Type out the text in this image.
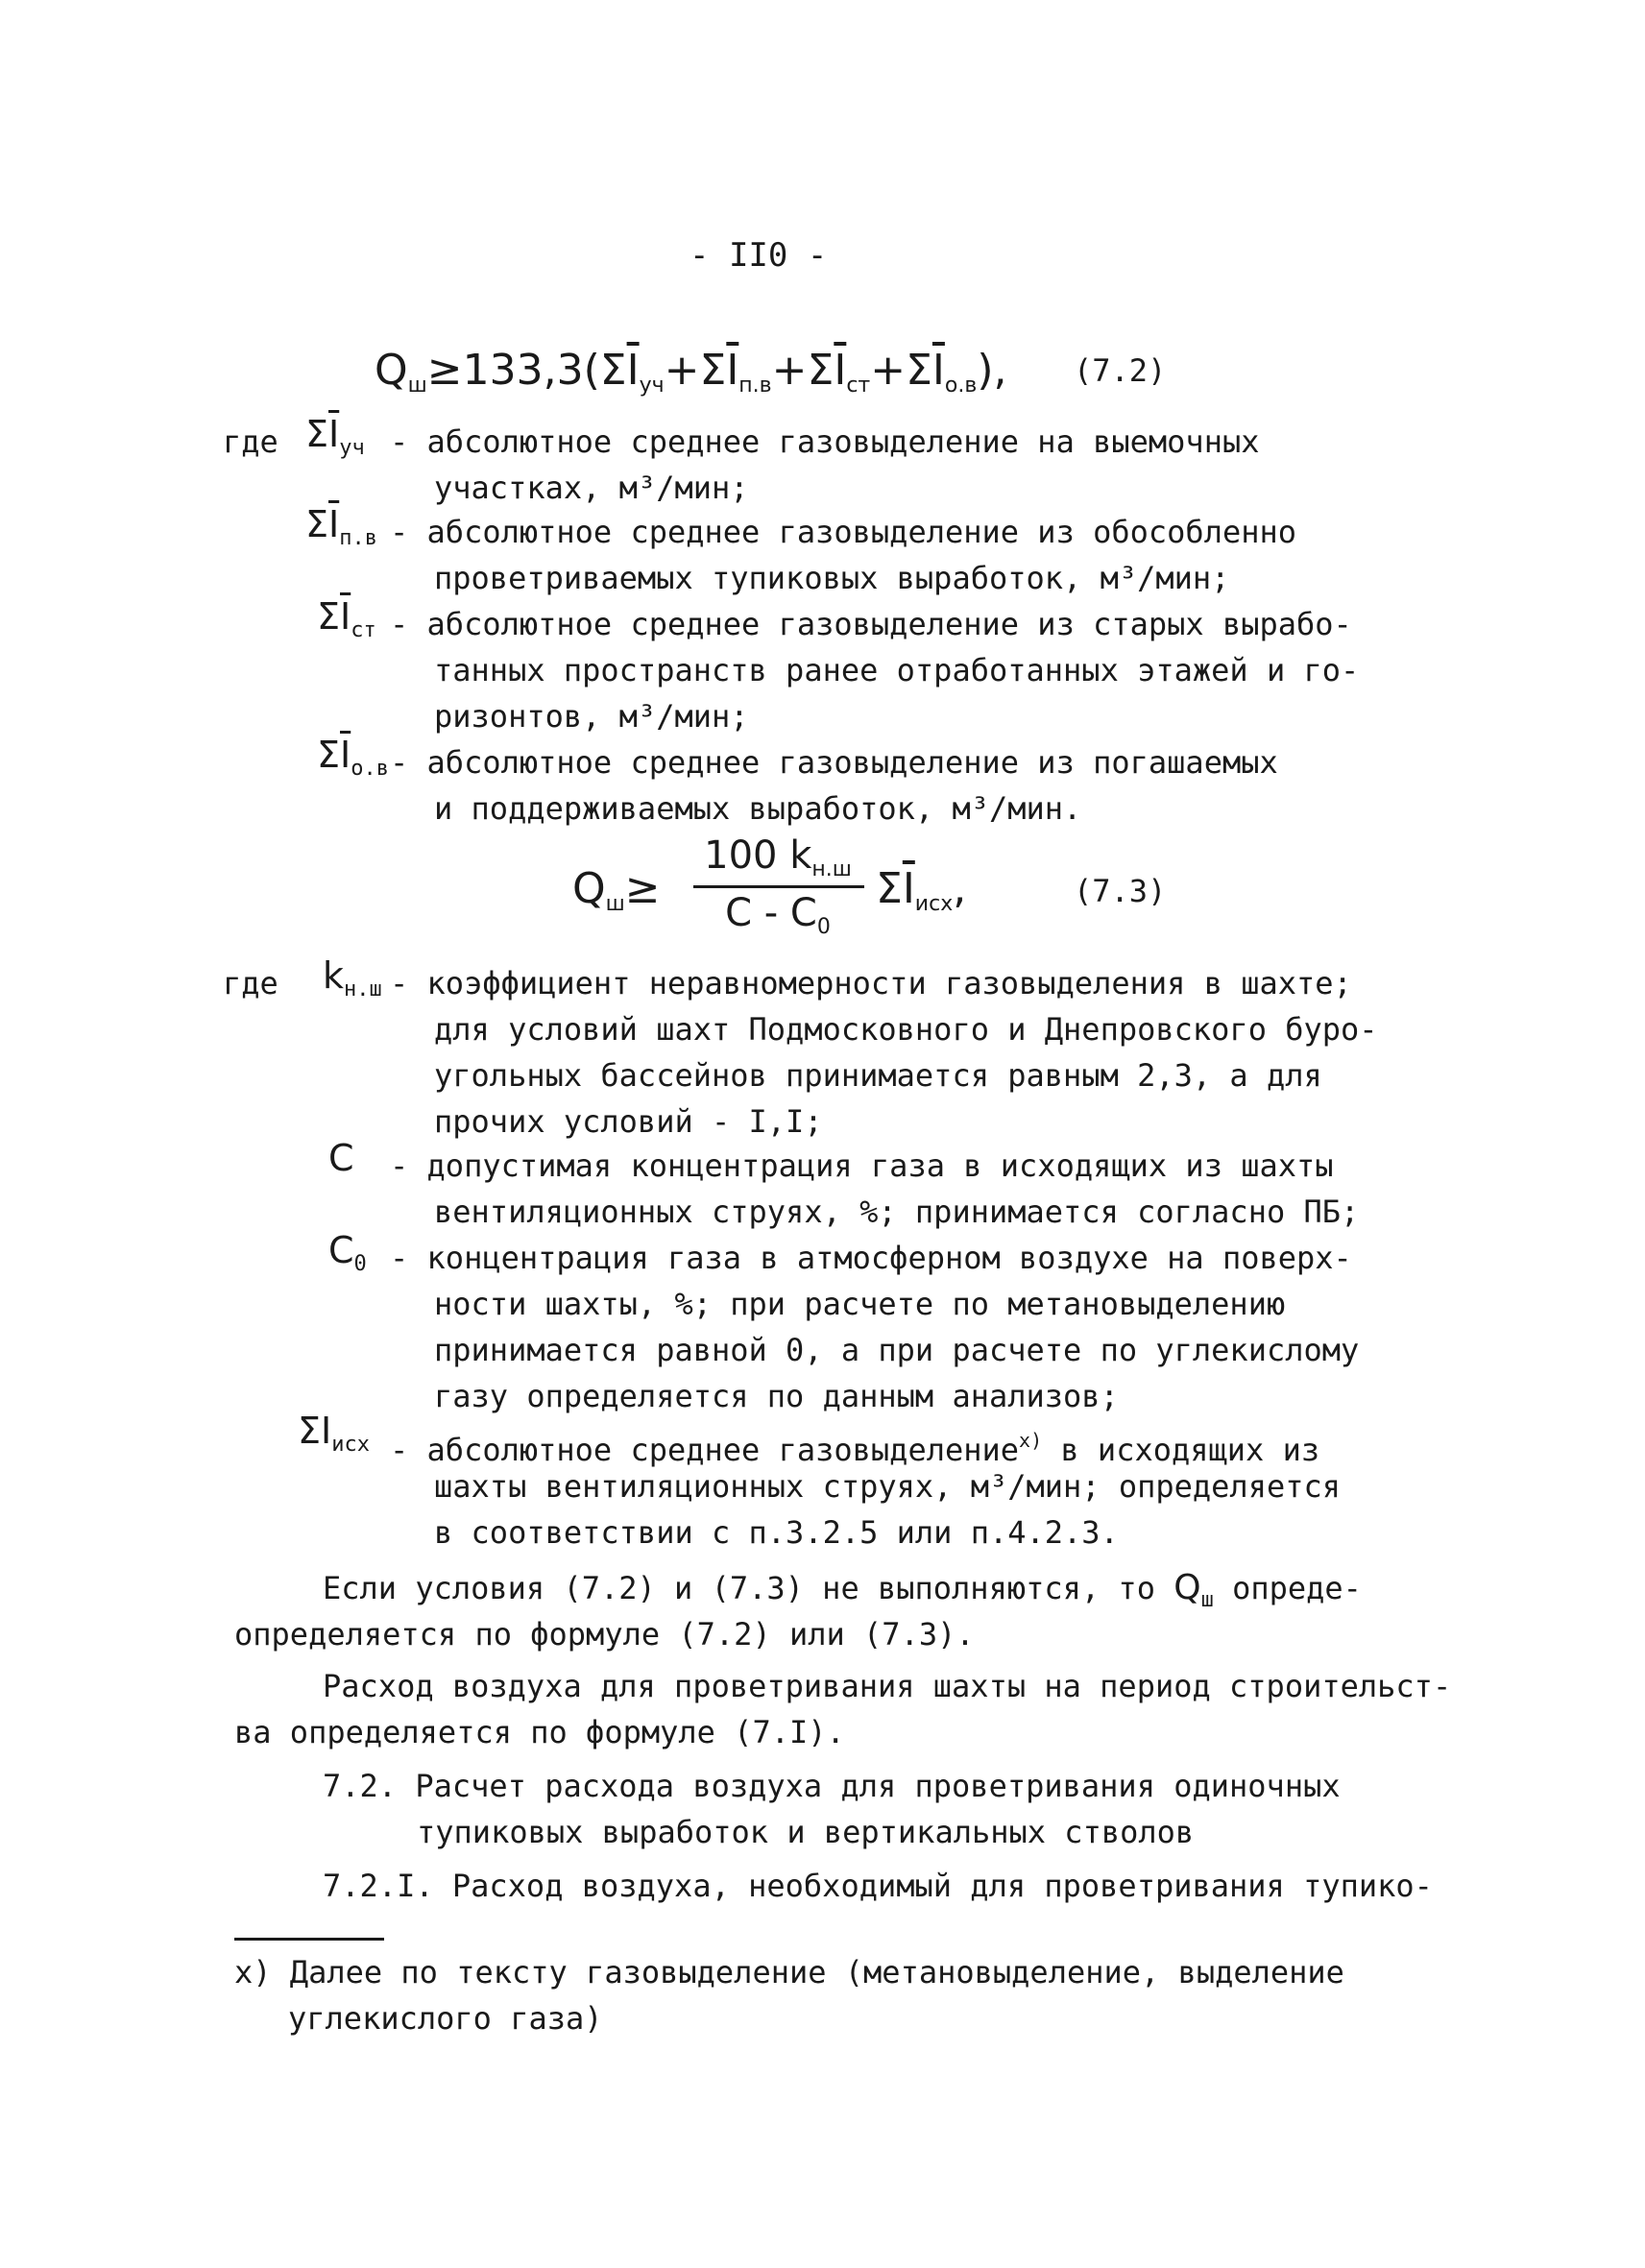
- II0 -
$Q_ш\ge 133,3(\Sigma\overline{I}_{уч}+\Sigma\overline{I}_{п.в}+\Sigma\overline{I}_{ст}+\Sigma\overline{I}_{о.в})$, (7.2)
где $\Sigma\overline{I}_{уч}$ - абсолютное среднее газовыделение на выемочных
участках, м³/мин;
$\Sigma\overline{I}_{п.в}$ - абсолютное среднее газовыделение из обособленно
проветриваемых тупиковых выработок, м³/мин;
$\Sigma\overline{I}_{ст}$ - абсолютное среднее газовыделение из старых вырабо-
танных пространств ранее отработанных этажей и го-
ризонтов, м³/мин;
$\Sigma\overline{I}_{о.в}$ - абсолютное среднее газовыделение из погашаемых
и поддерживаемых выработок, м³/мин.
$Q_ш\ge$
100 $k_{н.ш}$
C - $C_0$
$\Sigma\overline{I}_{исх}$,	(7.3)
где $k_{н.ш}$ - коэффициент неравномерности газовыделения в шахте;
для условий шахт Подмосковного и Днепровского буро-
угольных бассейнов принимается равным 2,3, а для
прочих условий - I,I;
C - допустимая концентрация газа в исходящих из шахты
вентиляционных струях, %; принимается согласно ПБ;
$C_0$ - концентрация газа в атмосферном воздухе на поверх-
ности шахты, %; при расчете по метановыделению
принимается равной 0, а при расчете по углекислому
газу определяется по данным анализов;
$\Sigma I_{исх}$ - абсолютное среднее газовыделение$^{x)}$ в исходящих из
шахты вентиляционных струях, м³/мин; определяется
в соответствии с п.3.2.5 или п.4.2.3.
Если условия (7.2) и (7.3) не выполняются, то $Q_ш$ опреде-
определяется по формуле (7.2) или (7.3).
Расход воздуха для проветривания шахты на период строительст-
ва определяется по формуле (7.I).
7.2. Расчет расхода воздуха для проветривания одиночных
тупиковых выработок и вертикальных стволов
7.2.I. Расход воздуха, необходимый для проветривания тупико-
x) Далее по тексту газовыделение (метановыделение, выделение
углекислого газа)
